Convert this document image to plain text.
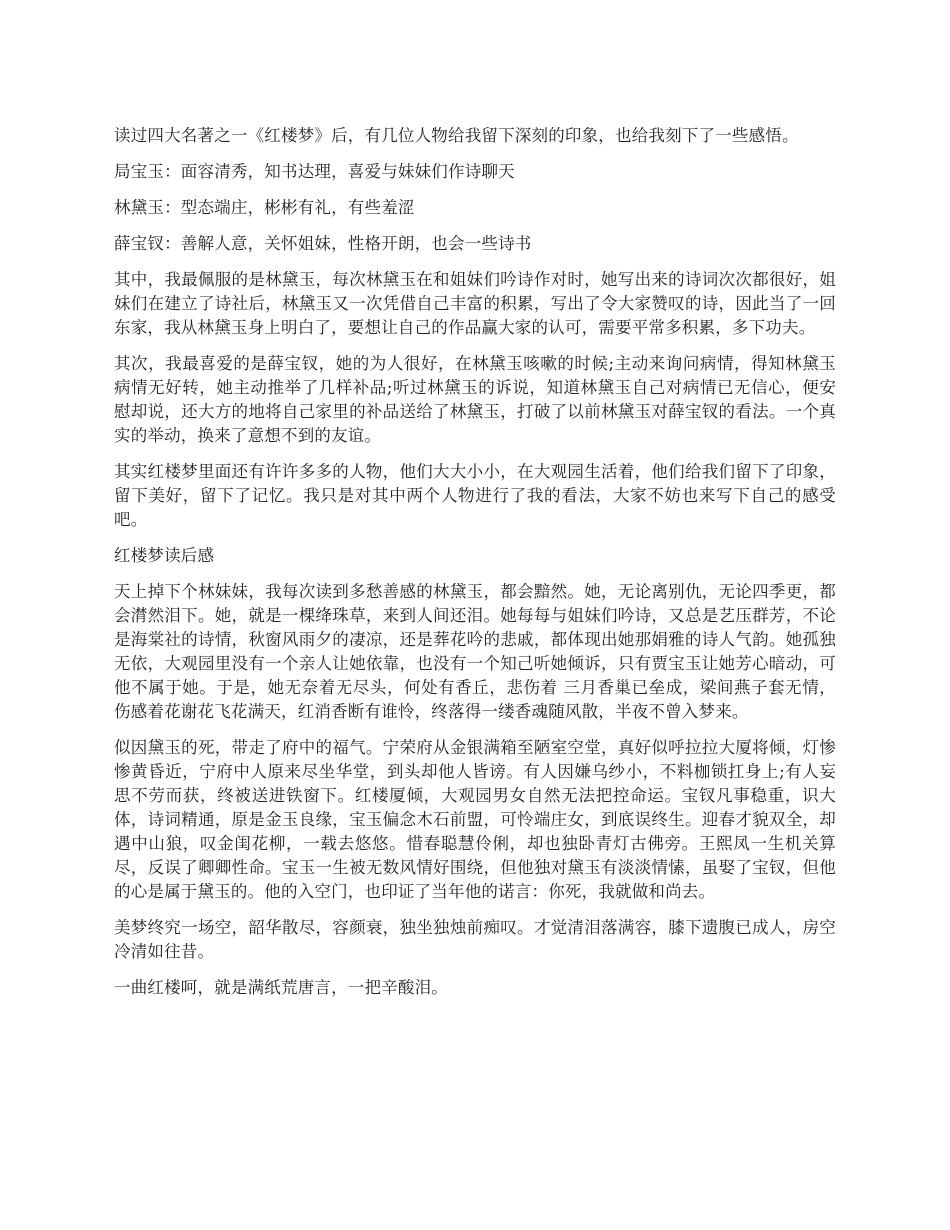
读过四大名著之一《红楼梦》后，有几位人物给我留下深刻的印象，也给我刻下了一些感悟。

局宝玉：面容清秀，知书达理，喜爱与妹妹们作诗聊天

林黛玉：型态端庄，彬彬有礼，有些羞涩

薛宝钗：善解人意，关怀姐妹，性格开朗，也会一些诗书

其中，我最佩服的是林黛玉，每次林黛玉在和姐妹们吟诗作对时，她写出来的诗词次次都很好，姐妹们在建立了诗社后，林黛玉又一次凭借自己丰富的积累，写出了令大家赞叹的诗，因此当了一回东家，我从林黛玉身上明白了，要想让自己的作品赢大家的认可，需要平常多积累，多下功夫。

其次，我最喜爱的是薛宝钗，她的为人很好，在林黛玉咳嗽的时候;主动来询问病情，得知林黛玉病情无好转，她主动推举了几样补品;听过林黛玉的诉说，知道林黛玉自己对病情已无信心，便安慰却说，还大方的地将自己家里的补品送给了林黛玉，打破了以前林黛玉对薛宝钗的看法。一个真实的举动，换来了意想不到的友谊。

其实红楼梦里面还有许许多多的人物，他们大大小小，在大观园生活着，他们给我们留下了印象，留下美好，留下了记忆。我只是对其中两个人物进行了我的看法，大家不妨也来写下自己的感受吧。

红楼梦读后感

天上掉下个林妹妹，我每次读到多愁善感的林黛玉，都会黯然。她，无论离别仇，无论四季更，都会潸然泪下。她，就是一棵绛珠草，来到人间还泪。她每每与姐妹们吟诗，又总是艺压群芳，不论是海棠社的诗情，秋窗风雨夕的凄凉，还是葬花吟的悲戚，都体现出她那娟雅的诗人气韵。她孤独无依，大观园里没有一个亲人让她依靠，也没有一个知己听她倾诉，只有贾宝玉让她芳心暗动，可他不属于她。于是，她无奈着无尽头，何处有香丘，悲伤着 三月香巢已垒成，梁间燕子套无情，伤感着花谢花飞花满天，红消香断有谁怜，终落得一缕香魂随风散，半夜不曾入梦来。

似因黛玉的死，带走了府中的福气。宁荣府从金银满箱至陋室空堂，真好似呼拉拉大厦将倾，灯惨惨黄昏近，宁府中人原来尽坐华堂，到头却他人皆谤。有人因嫌乌纱小，不料枷锁扛身上;有人妄思不劳而获，终被送进铁窗下。红楼厦倾，大观园男女自然无法把控命运。宝钗凡事稳重，识大体，诗词精通，原是金玉良缘，宝玉偏念木石前盟，可怜端庄女，到底误终生。迎春才貌双全，却遇中山狼，叹金闺花柳，一载去悠悠。惜春聪慧伶俐，却也独卧青灯古佛旁。王熙凤一生机关算尽，反误了卿卿性命。宝玉一生被无数风情好围绕，但他独对黛玉有淡淡情愫，虽娶了宝钗，但他的心是属于黛玉的。他的入空门，也印证了当年他的诺言：你死，我就做和尚去。

美梦终究一场空，韶华散尽，容颜衰，独坐独烛前痴叹。才觉清泪落满容，膝下遗腹已成人，房空冷清如往昔。

一曲红楼呵，就是满纸荒唐言，一把辛酸泪。
